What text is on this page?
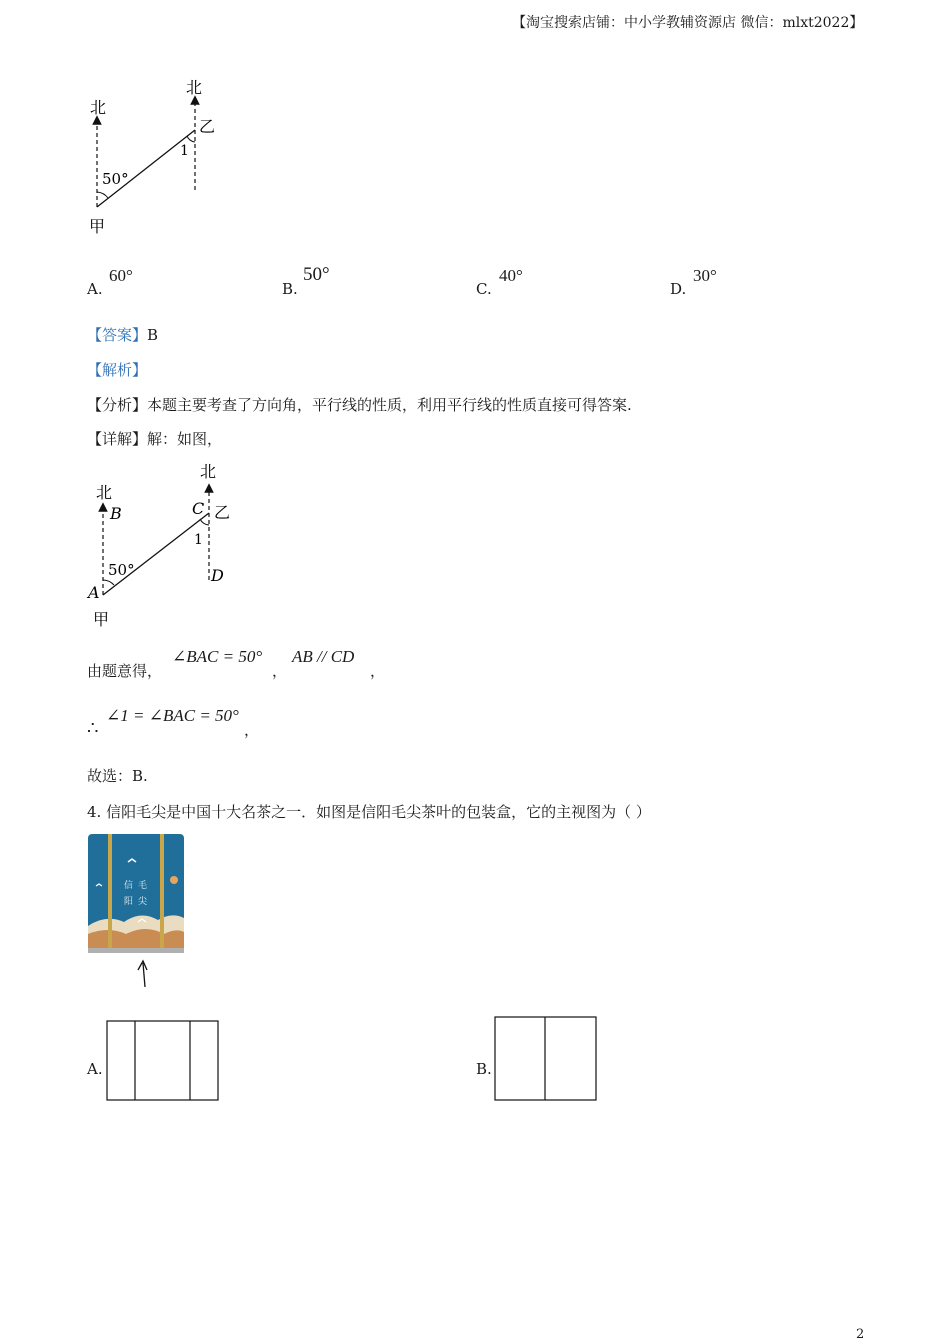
【淘宝搜索店铺：中小学教辅资源店 微信：mlxt2022】
北
北
50°
乙
1
甲
A.
60°
B.
50°
C.
40°
D.
30°
【答案】B
【解析】
【分析】本题主要考查了方向角，平行线的性质，利用平行线的性质直接可得答案.
【详解】解：如图，
北
北
B	C 乙
1
50°	D
A
甲
由题意得，
∠BAC = 50°
，
AB // CD
，
∴
∠1 = ∠BAC = 50°
，
故选：B.
4. 信阳毛尖是中国十大名茶之一．如图是信阳毛尖茶叶的包装盒，它的主视图为（ ）
信 毛
阳 尖
A.	B.
2
